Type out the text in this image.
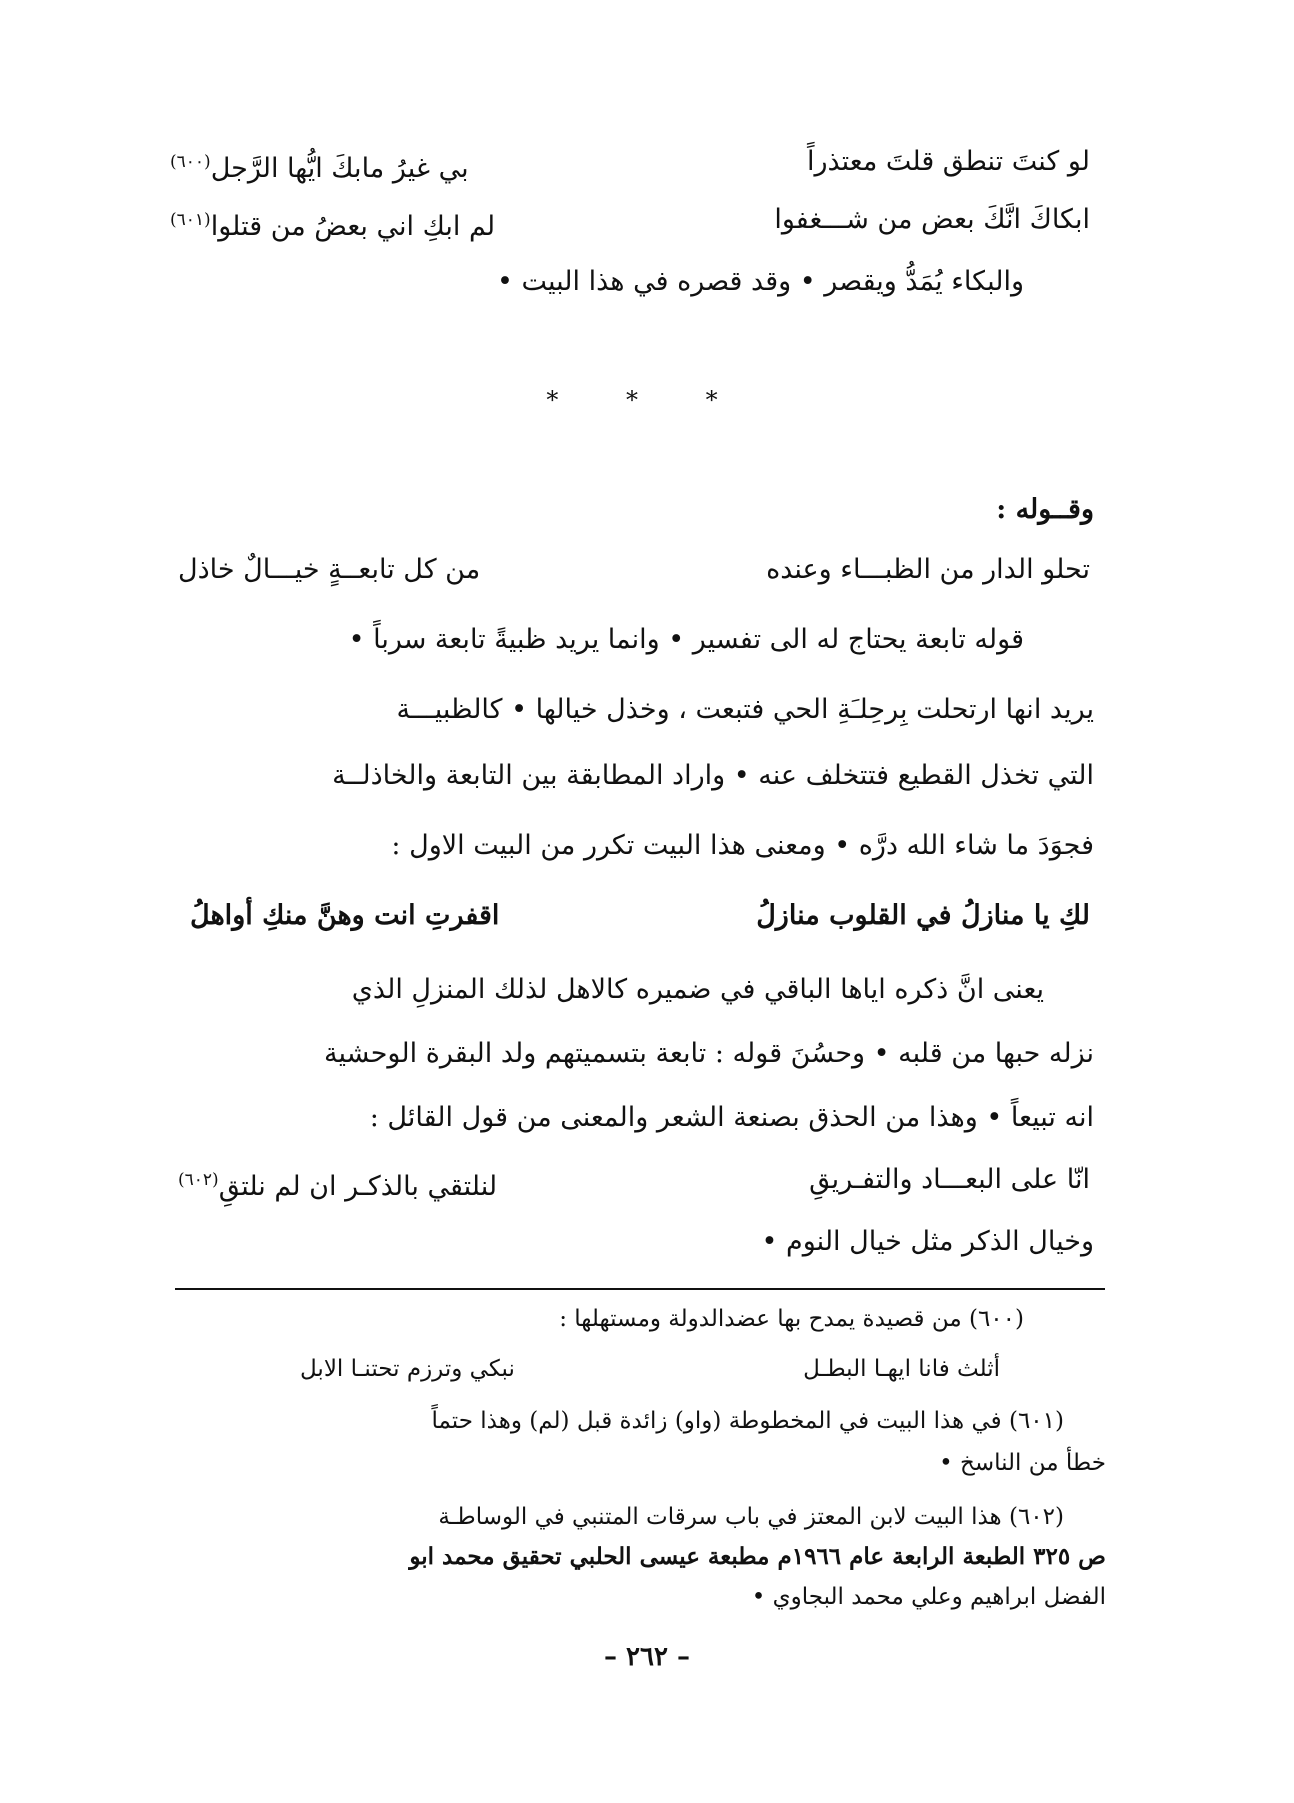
لو كنتَ تنطق قلتَ معتذراً
بي غيرُ مابكَ ايُّها الرَّجل$^{(٦٠٠)}$
ابكاكَ انَّكَ بعض من شـــغفوا
لم ابكِ اني بعضُ من قتلوا$^{(٦٠١)}$
والبكاء يُمَدُّ ويقصر • وقد قصره في هذا البيت •
* * *
وقــوله :
تحلو الدار من الظبـــاء وعنده
من كل تابعــةٍ خيـــالٌ خاذل
قوله تابعة يحتاج له الى تفسير • وانما يريد ظبيةً تابعة سرباً •
يريد انها ارتحلت بِرحِلـَةِ الحي فتبعت ، وخذل خيالها • كالظبيـــة
التي تخذل القطيع فتتخلف عنه • واراد المطابقة بين التابعة والخاذلــة
فجوَدَ ما شاء الله درَّه • ومعنى هذا البيت تكرر من البيت الاول :
لكِ يا منازلُ في القلوب منازلُ
اقفرتِ انت وهنَّ منكِ أواهلُ
يعنى انَّ ذكره اياها الباقي في ضميره كالاهل لذلك المنزلِ الذي
نزله حبها من قلبه • وحسُنَ قوله : تابعة بتسميتهم ولد البقرة الوحشية
انه تبيعاً • وهذا من الحذق بصنعة الشعر والمعنى من قول القائل :
انّا على البعـــاد والتفـريقِ
لنلتقي بالذكـر ان لم نلتقِ$^{(٦٠٢)}$
وخيال الذكر مثل خيال النوم •
(٦٠٠) من قصيدة يمدح بها عضدالدولة ومستهلها :
أثلث فانا ايهـا البطـل
نبكي وترزم تحتنـا الابل
(٦٠١) في هذا البيت في المخطوطة (واو) زائدة قبل (لم) وهذا حتماً
خطأ من الناسخ •
(٦٠٢) هذا البيت لابن المعتز في باب سرقات المتنبي في الوساطـة
ص ٣٢٥ الطبعة الرابعة عام ١٩٦٦م مطبعة عيسى الحلبي تحقيق محمد ابو
الفضل ابراهيم وعلي محمد البجاوي •
– ٢٦٢ –
